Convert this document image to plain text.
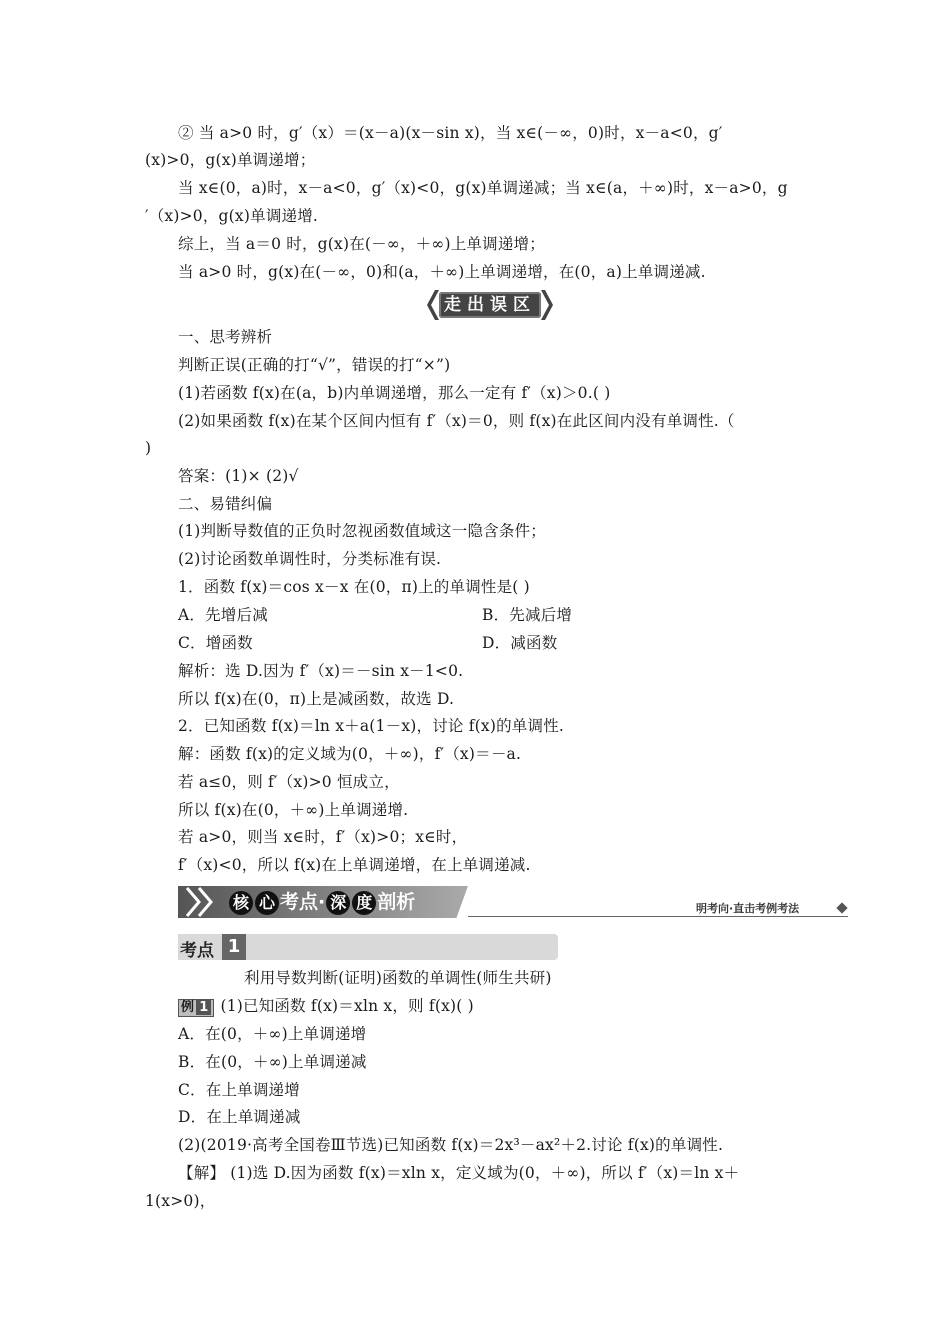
② 当 a>0 时，g′（x）＝(x－a)(x－sin x)，当 x∈(－∞，0)时，x－a<0，g′
(x)>0，g(x)单调递增；
当 x∈(0，a)时，x－a<0，g′（x)<0，g(x)单调递减；当 x∈(a，＋∞)时，x－a>0，g
′（x)>0，g(x)单调递增.
综上，当 a＝0 时，g(x)在(－∞，＋∞)上单调递增；
当 a>0 时，g(x)在(－∞，0)和(a，＋∞)上单调递增，在(0，a)上单调递减.
走出误区
一、思考辨析
判断正误(正确的打“√”，错误的打“×”)
(1)若函数 f(x)在(a，b)内单调递增，那么一定有 f′（x)＞0.( )
(2)如果函数 f(x)在某个区间内恒有 f′（x)＝0，则 f(x)在此区间内没有单调性.（
)
答案：(1)× (2)√
二、易错纠偏
(1)判断导数值的正负时忽视函数值域这一隐含条件；
(2)讨论函数单调性时，分类标准有误.
1．函数 f(x)＝cos x－x 在(0，π)上的单调性是( )
A．先增后减	B．先减后增
C．增函数	D．减函数
解析：选 D.因为 f′（x)＝－sin x－1<0.
所以 f(x)在(0，π)上是减函数，故选 D.
2．已知函数 f(x)＝ln x＋a(1－x)，讨论 f(x)的单调性.
解：函数 f(x)的定义域为(0，＋∞)，f′（x)＝－a.
若 a≤0，则 f′（x)>0 恒成立，
所以 f(x)在(0，＋∞)上单调递增.
若 a>0，则当 x∈时，f′（x)>0；x∈时，
f′（x)<0，所以 f(x)在上单调递增，在上单调递减.
核 心 考点· 深 度 剖析	明考向·直击考例考法
考点 1
利用导数判断(证明)函数的单调性(师生共研)
例 1 (1)已知函数 f(x)＝xln x，则 f(x)( )
A．在(0，＋∞)上单调递增
B．在(0，＋∞)上单调递减
C．在上单调递增
D．在上单调递减
(2)(2019·高考全国卷Ⅲ节选)已知函数 f(x)＝2x³－ax²＋2.讨论 f(x)的单调性.
【解】 (1)选 D.因为函数 f(x)＝xln x，定义域为(0，＋∞)，所以 f′（x)＝ln x＋
1(x>0)，
